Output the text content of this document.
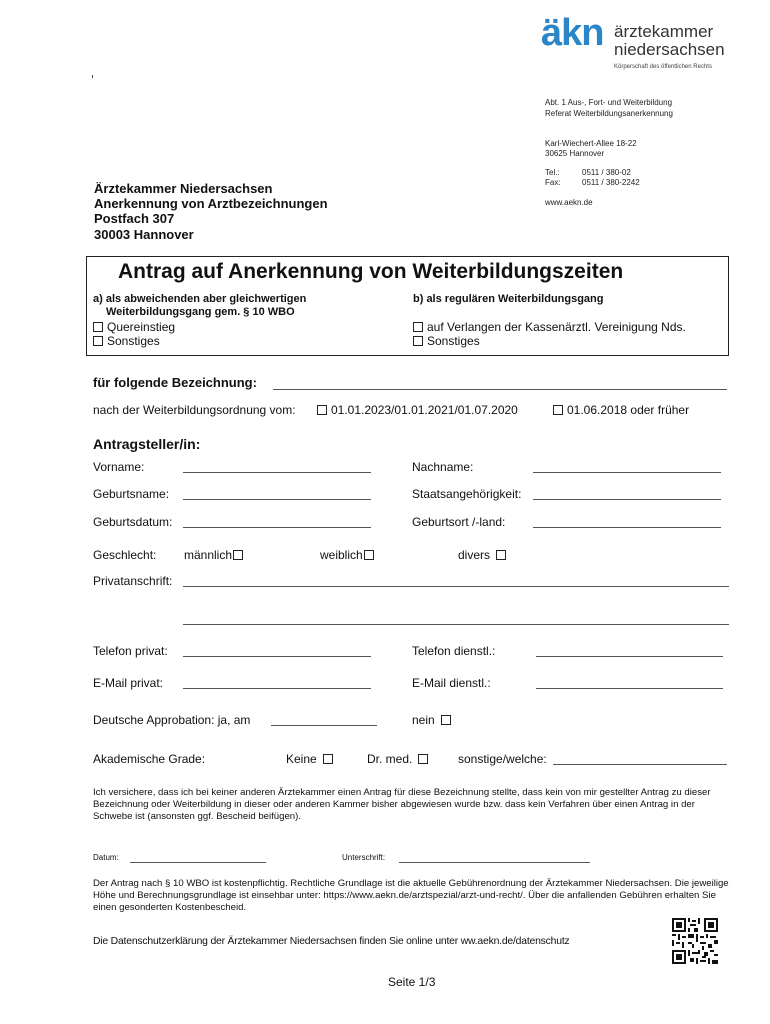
äkn ärztekammer
niedersachsen
Körperschaft des öffentlichen Rechts
Abt. 1 Aus-, Fort- und Weiterbildung
Referat Weiterbildungsanerkennung
Karl-Wiechert-Allee 18-22
30625 Hannover
Tel.:	0511 / 380-02
Fax:	0511 / 380-2242
www.aekn.de
Ärztekammer Niedersachsen
Anerkennung von Arztbezeichnungen
Postfach 307
30003 Hannover
Antrag auf Anerkennung von Weiterbildungszeiten
a) als abweichenden aber gleichwertigen
Weiterbildungsgang gem. § 10 WBO
Quereinstieg
Sonstiges
b) als regulären Weiterbildungsgang
auf Verlangen der Kassenärztl. Vereinigung Nds.
Sonstiges
für folgende Bezeichnung:
nach der Weiterbildungsordnung vom:	01.01.2023/01.01.2021/01.07.2020	01.06.2018 oder früher
Antragsteller/in:
Vorname:	Nachname:
Geburtsname:	Staatsangehörigkeit:
Geburtsdatum:	Geburtsort /-land:
Geschlecht: männlich	weiblich	divers
Privatanschrift:
Telefon privat:	Telefon dienstl.:
E-Mail privat:	E-Mail dienstl.:
Deutsche Approbation: ja, am	nein
Akademische Grade:	Keine	Dr. med.	sonstige/welche:
Ich versichere, dass ich bei keiner anderen Ärztekammer einen Antrag für diese Bezeichnung stellte, dass kein von mir gestellter Antrag zu dieser Bezeichnung oder Weiterbildung in dieser oder anderen Kammer bisher abgewiesen wurde bzw. dass kein Verfahren über einen Antrag in der Schwebe ist (ansonsten ggf. Bescheid beifügen).
Datum:	Unterschrift:
Der Antrag nach § 10 WBO ist kostenpflichtig. Rechtliche Grundlage ist die aktuelle Gebührenordnung der Ärztekammer Niedersachsen. Die jeweilige Höhe und Berechnungsgrundlage ist einsehbar unter: https://www.aekn.de/arztspezial/arzt-und-recht/. Über die anfallenden Gebühren erhalten Sie einen gesonderten Kostenbescheid.
Die Datenschutzerklärung der Ärztekammer Niedersachsen finden Sie online unter ww.aekn.de/datenschutz
Seite 1/3
